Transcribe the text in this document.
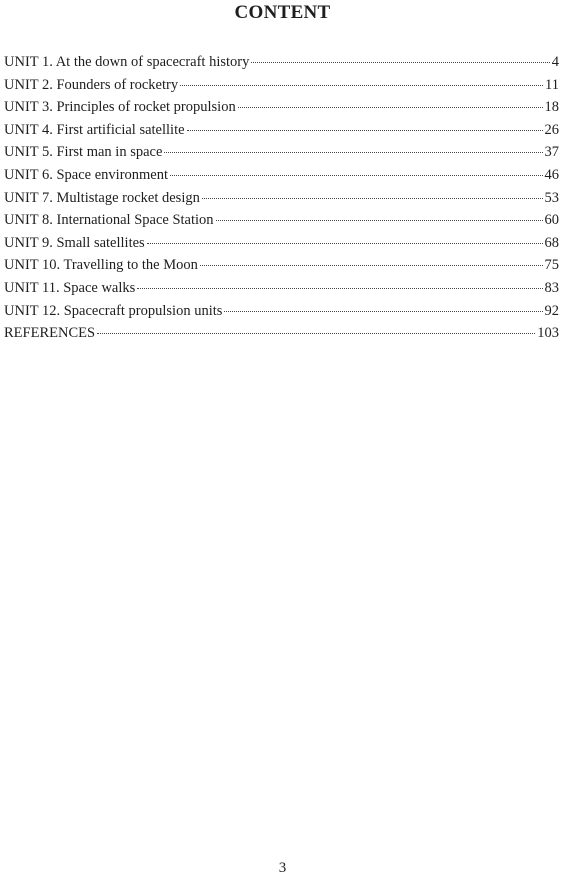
CONTENT
UNIT 1. At the down of spacecraft history	4
UNIT 2. Founders of rocketry	11
UNIT 3. Principles of rocket propulsion	18
UNIT 4. First artificial satellite	26
UNIT 5. First man in space	37
UNIT 6. Space environment	46
UNIT 7. Multistage rocket design	53
UNIT 8. International Space Station	60
UNIT 9. Small satellites	68
UNIT 10. Travelling to the Moon	75
UNIT 11. Space walks	83
UNIT 12. Spacecraft propulsion units	92
REFERENCES	103
3
